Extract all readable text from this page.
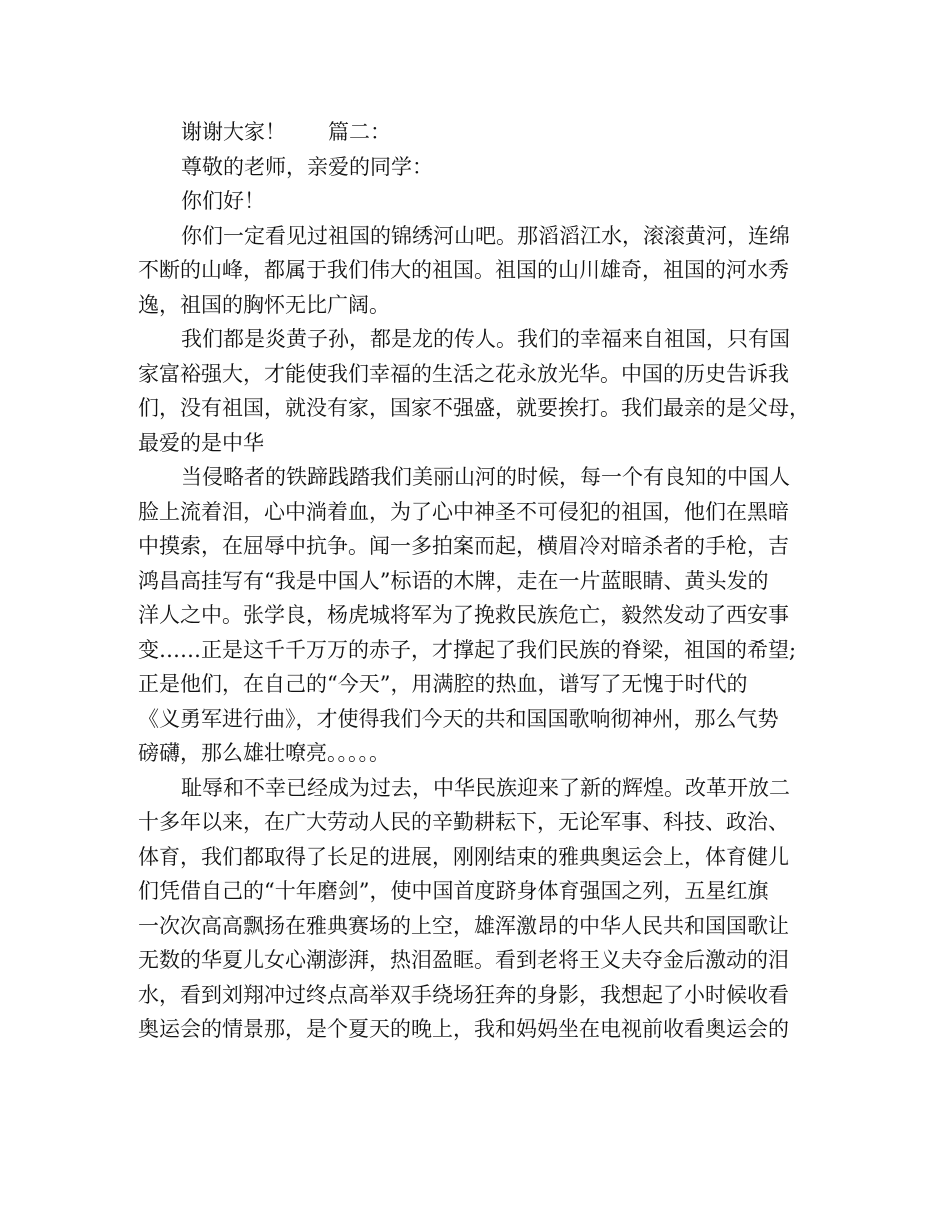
谢谢大家！ 篇二：
尊敬的老师，亲爱的同学：
你们好！
你们一定看见过祖国的锦绣河山吧。那滔滔江水，滚滚黄河，连绵
不断的山峰，都属于我们伟大的祖国。祖国的山川雄奇，祖国的河水秀
逸，祖国的胸怀无比广阔。
我们都是炎黄子孙，都是龙的传人。我们的幸福来自祖国，只有国
家富裕强大，才能使我们幸福的生活之花永放光华。中国的历史告诉我
们，没有祖国，就没有家，国家不强盛，就要挨打。我们最亲的是父母，
最爱的是中华
当侵略者的铁蹄践踏我们美丽山河的时候，每一个有良知的中国人
脸上流着泪，心中淌着血，为了心中神圣不可侵犯的祖国，他们在黑暗
中摸索，在屈辱中抗争。闻一多拍案而起，横眉冷对暗杀者的手枪，吉
鸿昌高挂写有“我是中国人”标语的木牌，走在一片蓝眼睛、黄头发的
洋人之中。张学良，杨虎城将军为了挽救民族危亡，毅然发动了西安事
变……正是这千千万万的赤子，才撑起了我们民族的脊梁，祖国的希望;
正是他们，在自己的“今天”，用满腔的热血，谱写了无愧于时代的
《义勇军进行曲》，才使得我们今天的共和国国歌响彻神州，那么气势
磅礴，那么雄壮嘹亮。。。。。
耻辱和不幸已经成为过去，中华民族迎来了新的辉煌。改革开放二
十多年以来，在广大劳动人民的辛勤耕耘下，无论军事、科技、政治、
体育，我们都取得了长足的进展，刚刚结束的雅典奥运会上，体育健儿
们凭借自己的“十年磨剑”，使中国首度跻身体育强国之列，五星红旗
一次次高高飘扬在雅典赛场的上空，雄浑激昂的中华人民共和国国歌让
无数的华夏儿女心潮澎湃，热泪盈眶。看到老将王义夫夺金后激动的泪
水，看到刘翔冲过终点高举双手绕场狂奔的身影，我想起了小时候收看
奥运会的情景那，是个夏天的晚上，我和妈妈坐在电视前收看奥运会的
